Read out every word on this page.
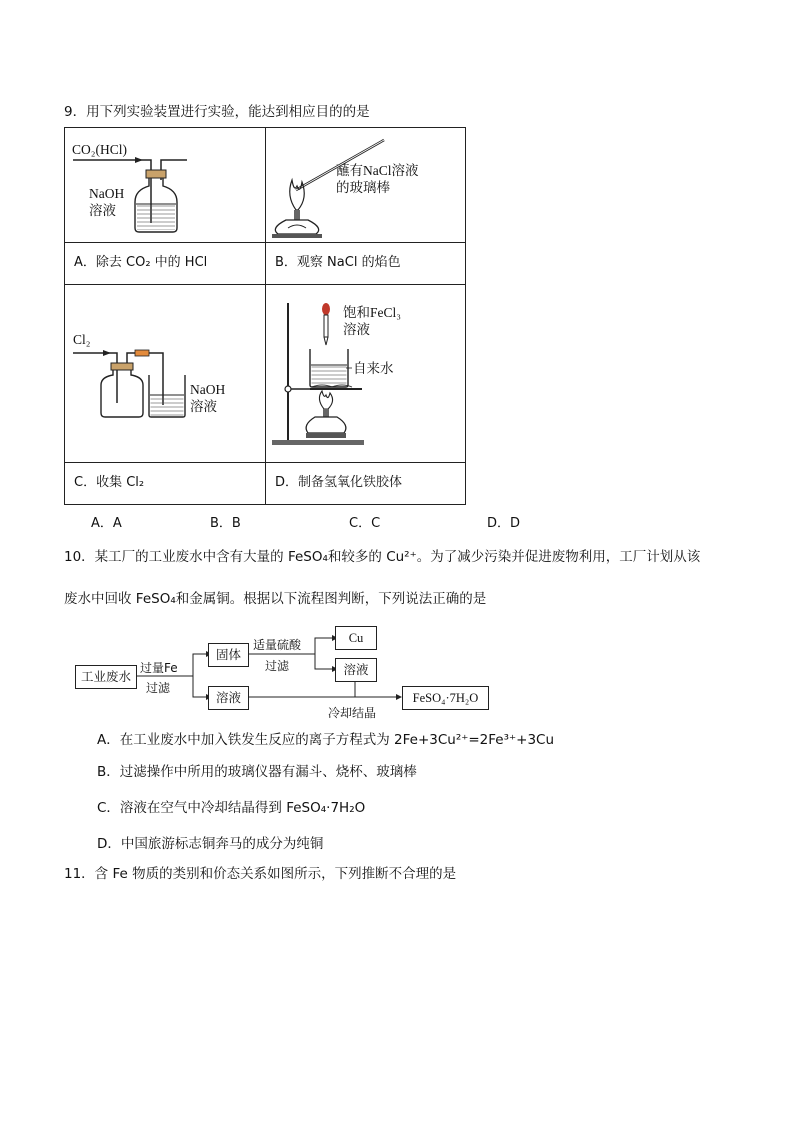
9．用下列实验装置进行实验，能达到相应目的的是
CO₂(HCl)
NaOH
溶液	蘸有NaCl溶液
的玻璃棒

A．除去 CO₂ 中的 HCl	B．观察 NaCl 的焰色

Cl₂
NaOH
溶液	饱和FeCl₃
溶液
自来水

C．收集 Cl₂	D．制备氢氧化铁胶体
A．A	B．B	C．C	D．D
10．某工厂的工业废水中含有大量的 FeSO₄和较多的 Cu²⁺。为了减少污染并促进废物利用，工厂计划从该
废水中回收 FeSO₄和金属铜。根据以下流程图判断，下列说法正确的是
工业废水
过量Fe
过滤
固体
适量硫酸
过滤
Cu
溶液
溶液
冷却结晶
FeSO₄·7H₂O
A．在工业废水中加入铁发生反应的离子方程式为 2Fe+3Cu²⁺=2Fe³⁺+3Cu
B．过滤操作中所用的玻璃仪器有漏斗、烧杯、玻璃棒
C．溶液在空气中冷却结晶得到 FeSO₄·7H₂O
D．中国旅游标志铜奔马的成分为纯铜
11．含 Fe 物质的类别和价态关系如图所示，下列推断不合理的是
